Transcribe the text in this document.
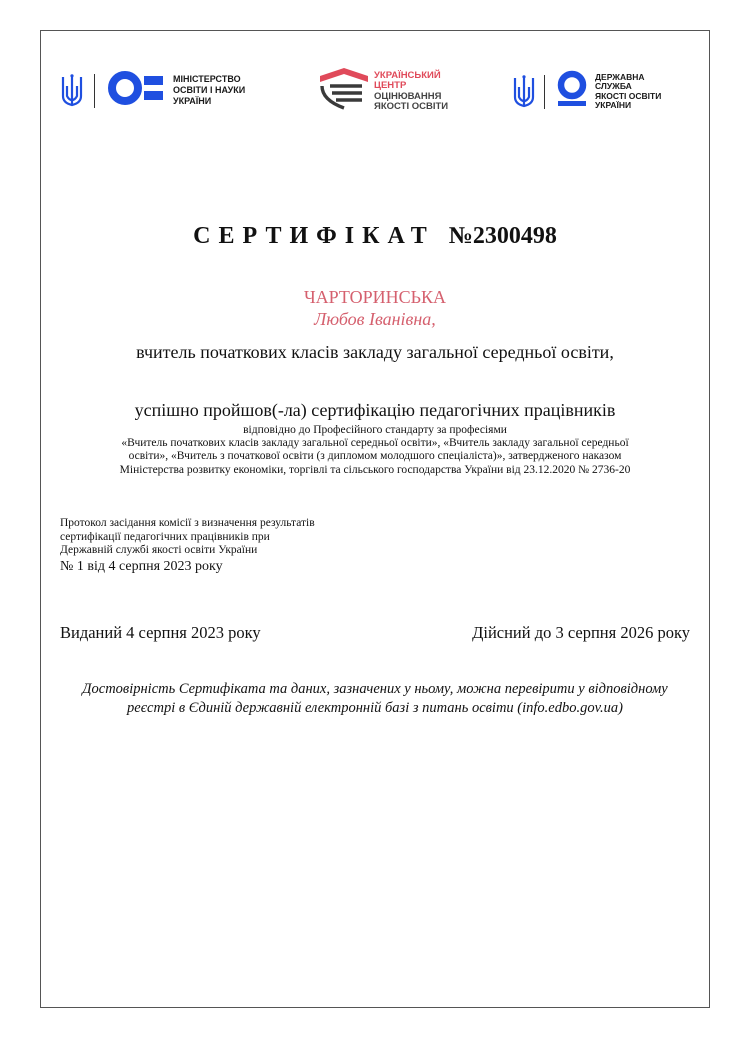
МІНІСТЕРСТВО
ОСВІТИ І НАУКИ
УКРАЇНИ
УКРАЇНСЬКИЙ
ЦЕНТР
ОЦІНЮВАННЯ
ЯКОСТІ ОСВІТИ
ДЕРЖАВНА
СЛУЖБА
ЯКОСТІ ОСВІТИ
УКРАЇНИ
СЕРТИФІКАТ №2300498
ЧАРТОРИНСЬКА
Любов Іванівна,
вчитель початкових класів закладу загальної середньої освіти,
успішно пройшов(-ла) сертифікацію педагогічних працівників
відповідно до Професійного стандарту за професіями
«Вчитель початкових класів закладу загальної середньої освіти», «Вчитель закладу загальної середньої
освіти», «Вчитель з початкової освіти (з дипломом молодшого спеціаліста)», затвердженого наказом
Міністерства розвитку економіки, торгівлі та сільського господарства України від 23.12.2020 № 2736-20
Протокол засідання комісії з визначення результатів
сертифікації педагогічних працівників при
Державній службі якості освіти України
№ 1 від 4 серпня 2023 року
Виданий 4 серпня 2023 року	Дійсний до 3 серпня 2026 року
Достовірність Сертифіката та даних, зазначених у ньому, можна перевірити у відповідному
реєстрі в Єдиній державній електронній базі з питань освіти (info.edbo.gov.ua)
